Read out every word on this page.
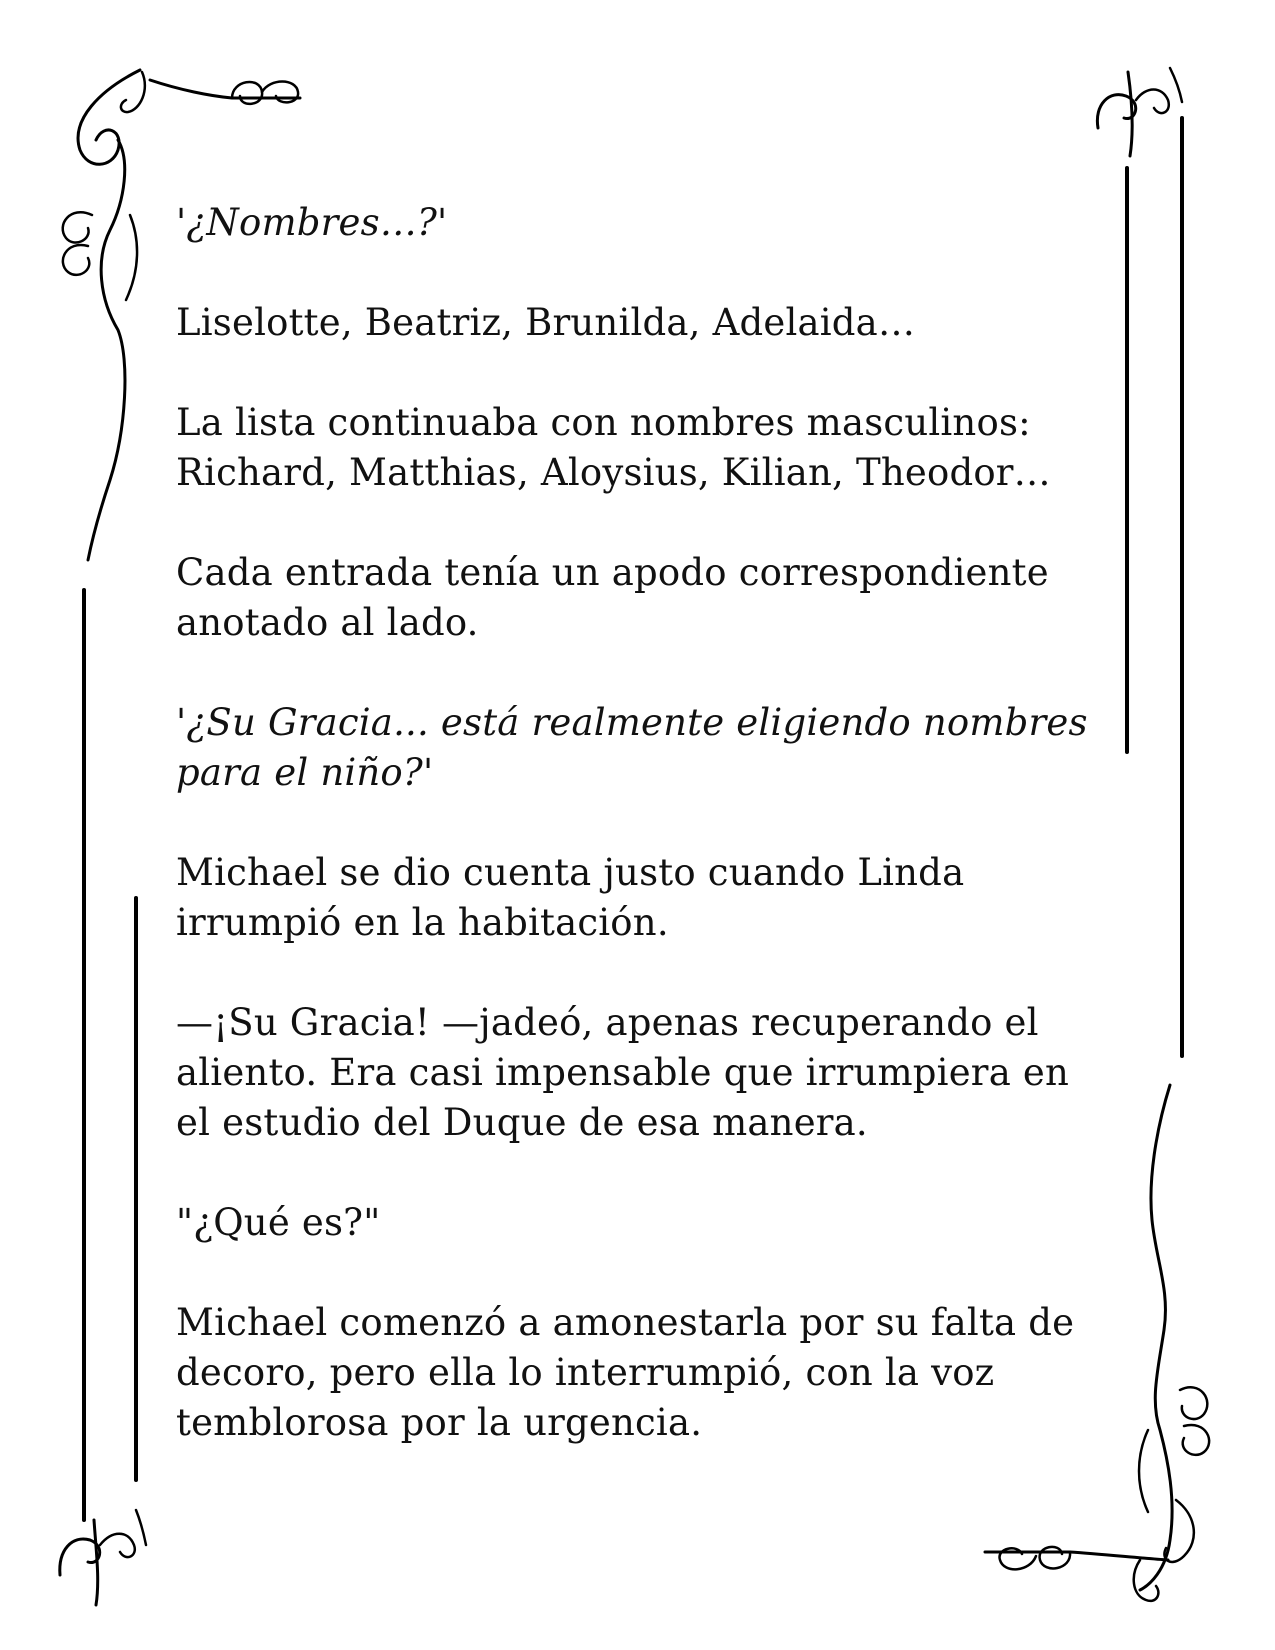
'¿Nombres…?'

Liselotte, Beatriz, Brunilda, Adelaida…

La lista continuaba con nombres masculinos:
Richard, Matthias, Aloysius, Kilian, Theodor…

Cada entrada tenía un apodo correspondiente
anotado al lado.

'¿Su Gracia... está realmente eligiendo nombres
para el niño?'

Michael se dio cuenta justo cuando Linda
irrumpió en la habitación.

—¡Su Gracia! —jadeó, apenas recuperando el
aliento. Era casi impensable que irrumpiera en
el estudio del Duque de esa manera.

"¿Qué es?"

Michael comenzó a amonestarla por su falta de
decoro, pero ella lo interrumpió, con la voz
temblorosa por la urgencia.
